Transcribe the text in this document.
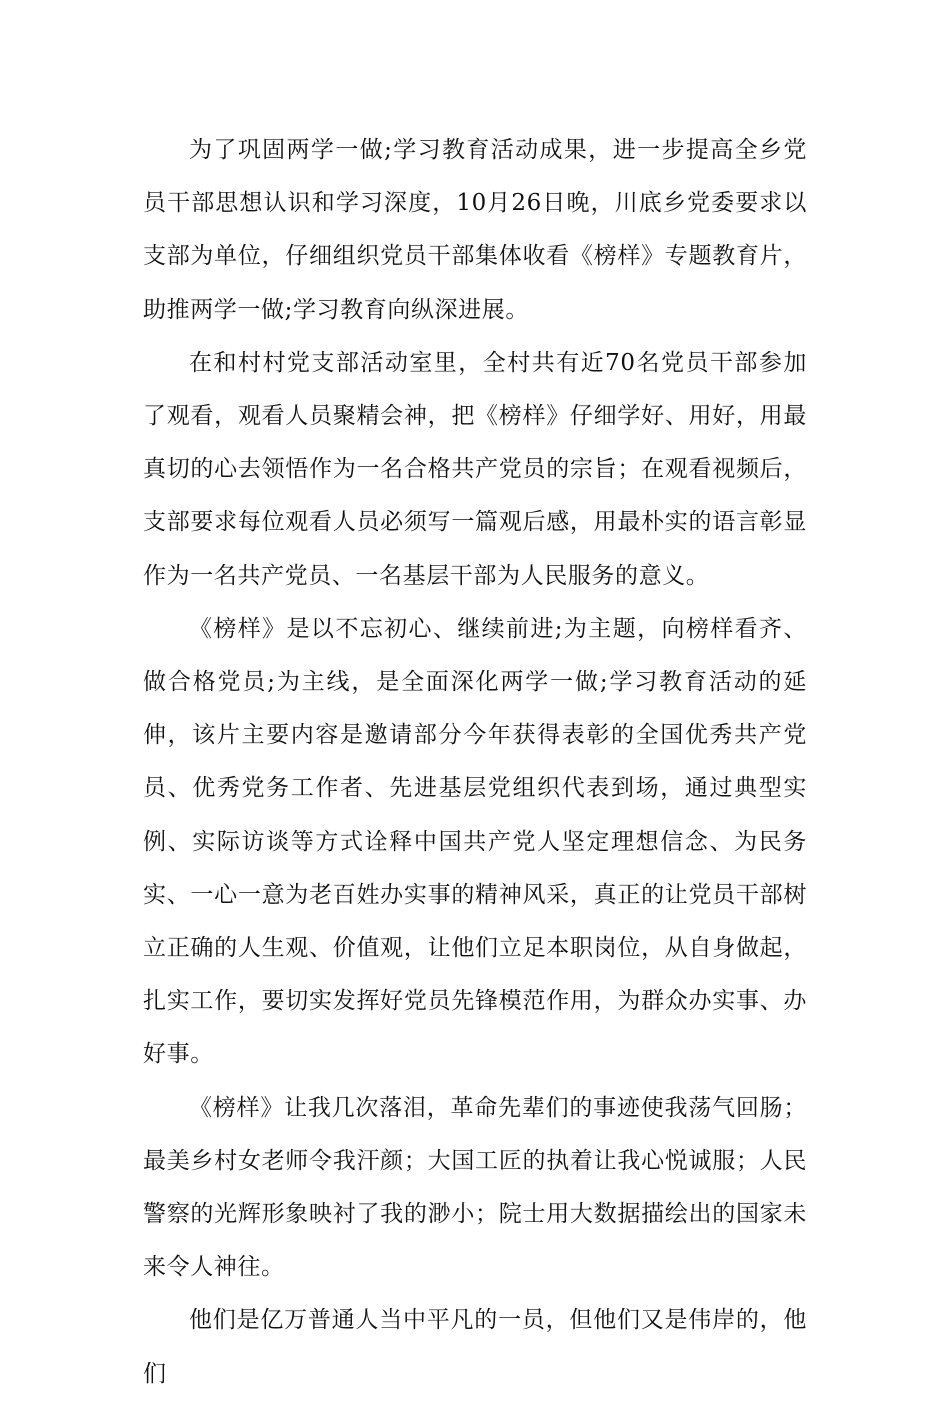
为了巩固两学一做;学习教育活动成果，进一步提高全乡党员干部思想认识和学习深度，10月26日晚，川底乡党委要求以支部为单位，仔细组织党员干部集体收看《榜样》专题教育片，助推两学一做;学习教育向纵深进展。

在和村村党支部活动室里，全村共有近70名党员干部参加了观看，观看人员聚精会神，把《榜样》仔细学好、用好，用最真切的心去领悟作为一名合格共产党员的宗旨；在观看视频后，支部要求每位观看人员必须写一篇观后感，用最朴实的语言彰显作为一名共产党员、一名基层干部为人民服务的意义。

《榜样》是以不忘初心、继续前进;为主题，向榜样看齐、做合格党员;为主线，是全面深化两学一做;学习教育活动的延伸，该片主要内容是邀请部分今年获得表彰的全国优秀共产党员、优秀党务工作者、先进基层党组织代表到场，通过典型实例、实际访谈等方式诠释中国共产党人坚定理想信念、为民务实、一心一意为老百姓办实事的精神风采，真正的让党员干部树立正确的人生观、价值观，让他们立足本职岗位，从自身做起，扎实工作，要切实发挥好党员先锋模范作用，为群众办实事、办好事。

《榜样》让我几次落泪，革命先辈们的事迹使我荡气回肠；最美乡村女老师令我汗颜；大国工匠的执着让我心悦诚服；人民警察的光辉形象映衬了我的渺小；院士用大数据描绘出的国家未来令人神往。

他们是亿万普通人当中平凡的一员，但他们又是伟岸的，他们
